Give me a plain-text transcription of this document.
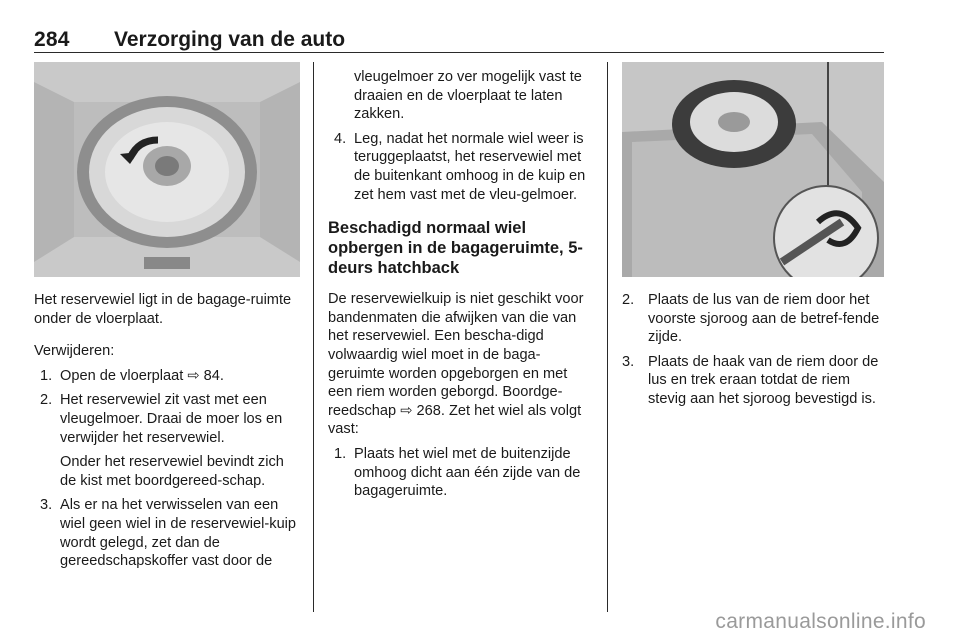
284 Verzorging van de auto

Het reservewiel ligt in de bagage-ruimte onder de vloerplaat.

Verwijderen:

1. Open de vloerplaat ⇨ 84.
2. Het reservewiel zit vast met een vleugelmoer. Draai de moer los en verwijder het reservewiel.
Onder het reservewiel bevindt zich de kist met boordgereed-schap.
3. Als er na het verwisselen van een wiel geen wiel in de reservewiel-kuip wordt gelegd, zet dan de gereedschapskoffer vast door de

vleugelmoer zo ver mogelijk vast te draaien en de vloerplaat te laten zakken.

4. Leg, nadat het normale wiel weer is teruggeplaatst, het reservewiel met de buitenkant omhoog in de kuip en zet hem vast met de vleu-gelmoer.
Beschadigd normaal wiel opbergen in de bagageruimte, 5-deurs hatchback

De reservewielkuip is niet geschikt voor bandenmaten die afwijken van die van het reservewiel. Een bescha-digd volwaardig wiel moet in de baga-geruimte worden opgeborgen en met een riem worden geborgd. Boordge-reedschap ⇨ 268. Zet het wiel als volgt vast:

1. Plaats het wiel met de buitenzijde omhoog dicht aan één zijde van de bagageruimte.
2. Plaats de lus van de riem door het voorste sjoroog aan de betref-fende zijde.
3. Plaats de haak van de riem door de lus en trek eraan totdat de riem stevig aan het sjoroog bevestigd is.
carmanualsonline.info
